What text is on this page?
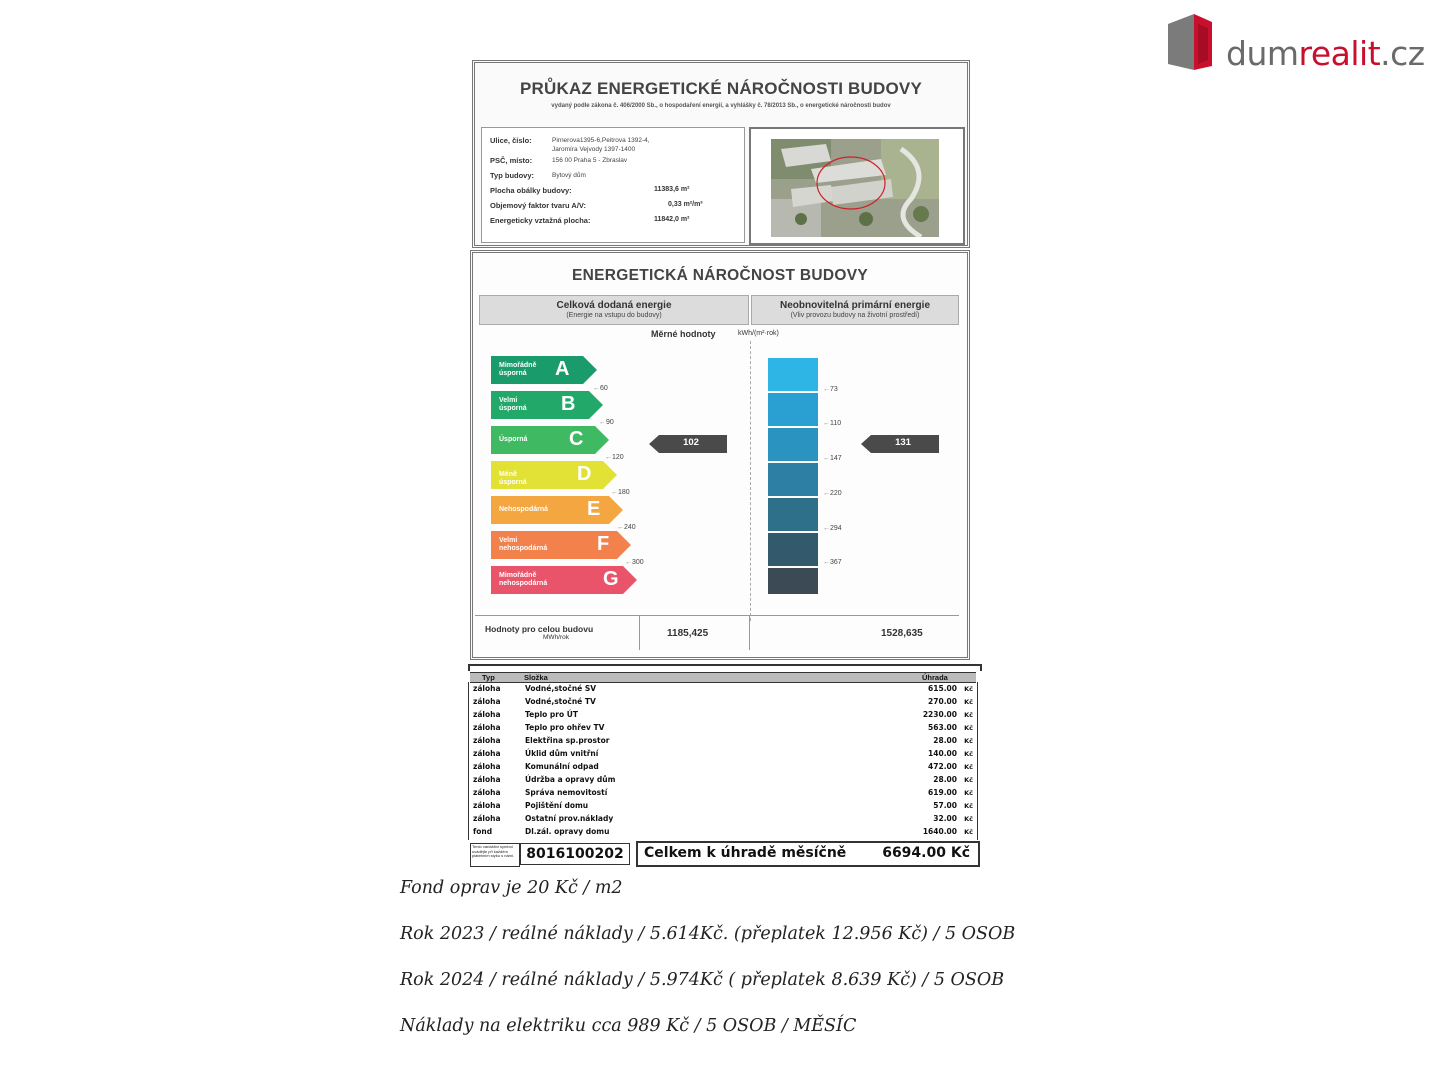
dumrealit.cz
PRŮKAZ ENERGETICKÉ NÁROČNOSTI BUDOVY
vydaný podle zákona č. 406/2000 Sb., o hospodaření energií, a vyhlášky č. 78/2013 Sb., o energetické náročnosti budov
Ulice, číslo:	Pirnerova1395-6,Peitrova 1392-4,
Jaromíra Vejvody 1397-1400
PSČ, místo:	156 00 Praha 5 - Zbraslav
Typ budovy:	Bytový dům
Plocha obálky budovy:	11383,6 m²
Objemový faktor tvaru A/V:	0,33 m²/m³
Energeticky vztažná plocha:	11842,0 m²
ENERGETICKÁ NÁROČNOST BUDOVY
Celková dodaná energie
(Energie na vstupu do budovy)
Neobnovitelná primární energie
(Vliv provozu budovy na životní prostředí)
Měrné hodnoty	kWh/(m²·rok)
Mimořádně
úsporná	A
← 60
Velmi
úsporná B
← 90
Úsporná C
← 120
Méně úsporná	D
← 180
Nehospodárná E
← 240
Velmi
nehospodárná F
← 300
Mimořádně
nehospodárná	G
102
← 73
← 110
← 147
← 220
← 294
← 367
131
Hodnoty pro celou budovu
MWh/rok	1185,425	1528,635
Typ	Složka	Úhrada
záloha	Vodné,stočné SV	615.00 Kč
záloha	Vodné,stočné TV	270.00 Kč
záloha	Teplo pro ÚT	2230.00 Kč
záloha	Teplo pro ohřev TV	563.00 Kč
záloha	Elektřina sp.prostor	28.00 Kč
záloha	Úklid dům vnitřní	140.00 Kč
záloha	Komunální odpad	472.00 Kč
záloha	Údržba a opravy dům	28.00 Kč
záloha	Správa nemovitostí	619.00 Kč
záloha	Pojištění domu	57.00 Kč
záloha	Ostatní prov.náklady	32.00 Kč
fond	Dl.zál. opravy domu	1640.00 Kč
Tento variabilní symbol uvádějte při každém platebním styku s námi. 8016100202	Celkem k úhradě měsíčně	6694.00 Kč
Fond oprav je 20 Kč / m2
Rok 2023 / reálné náklady / 5.614Kč. (přeplatek 12.956 Kč) / 5 OSOB
Rok 2024 / reálné náklady / 5.974Kč ( přeplatek 8.639 Kč) / 5 OSOB
Náklady na elektriku cca 989 Kč / 5 OSOB / MĚSÍC
